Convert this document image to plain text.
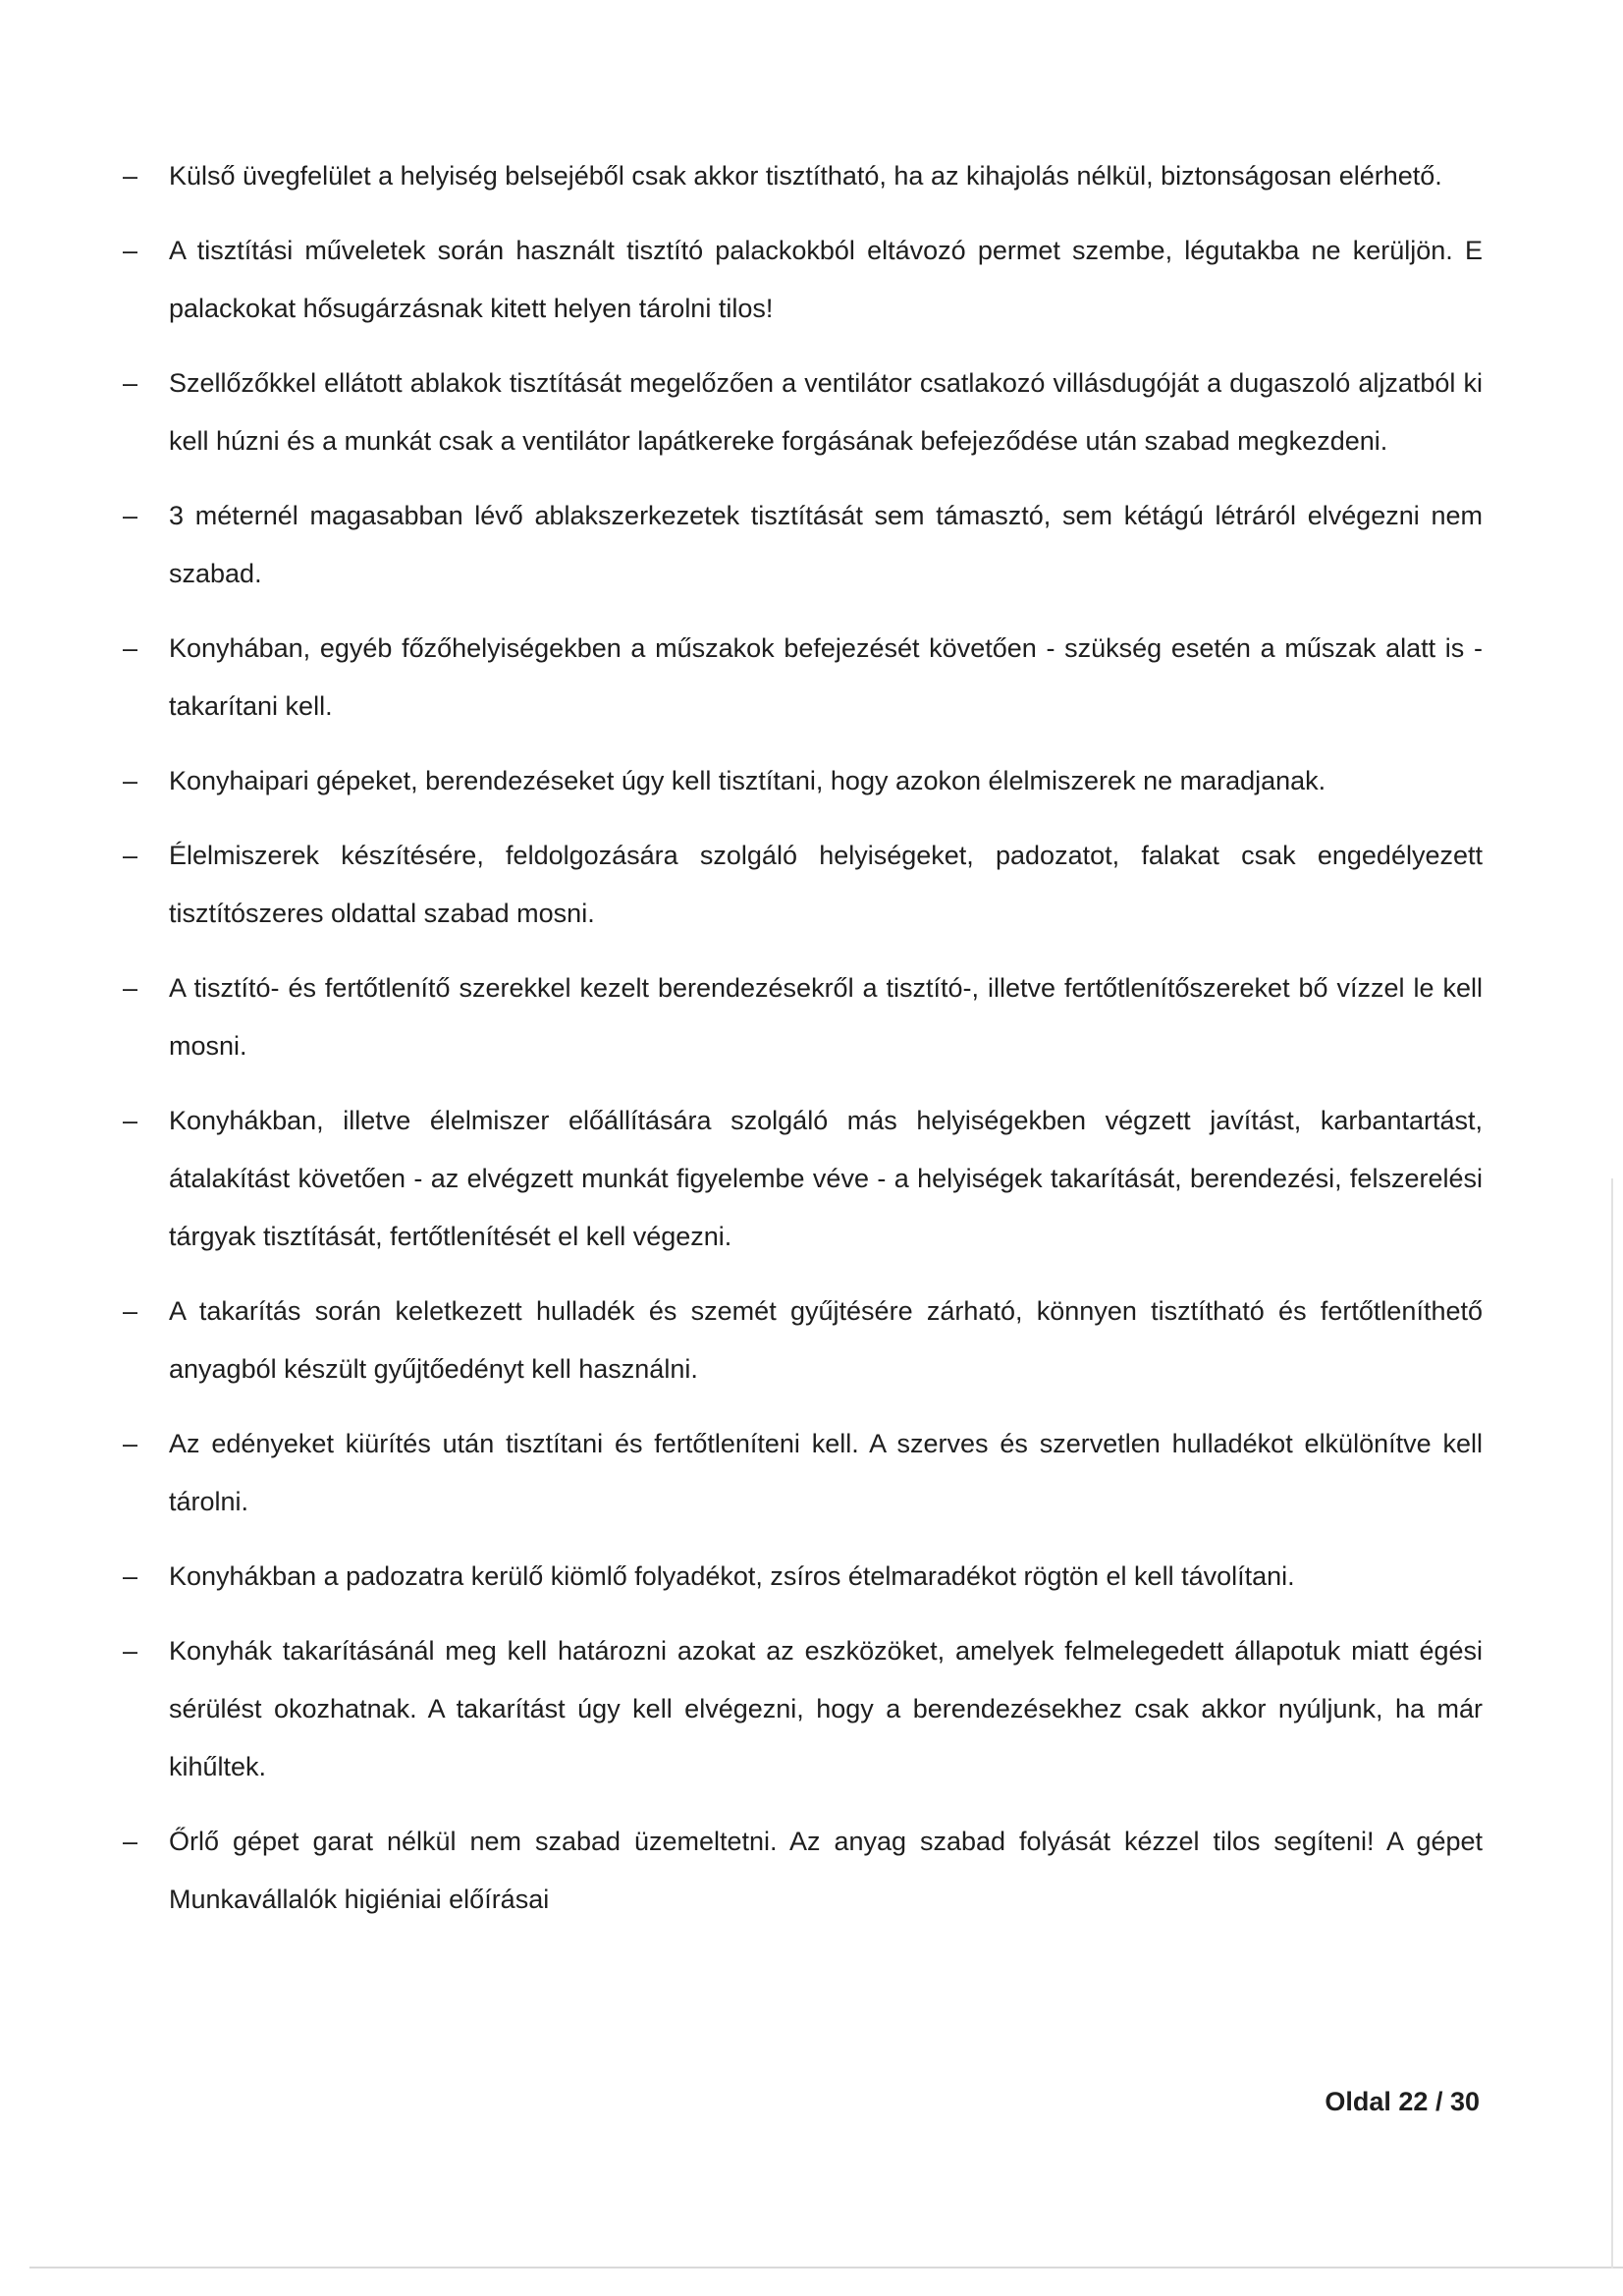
–	Külső üvegfelület a helyiség belsejéből csak akkor tisztítható, ha az kihajolás nélkül, biztonságosan elérhető.
–	A tisztítási műveletek során használt tisztító palackokból eltávozó permet szembe, légutakba ne kerüljön. E palackokat hősugárzásnak kitett helyen tárolni tilos!
–	Szellőzőkkel ellátott ablakok tisztítását megelőzően a ventilátor csatlakozó villásdugóját a dugaszoló aljzatból ki kell húzni és a munkát csak a ventilátor lapátkereke forgásának befejeződése után szabad megkezdeni.
–	3 méternél magasabban lévő ablakszerkezetek tisztítását sem támasztó, sem kétágú létráról elvégezni nem szabad.
–	Konyhában, egyéb főzőhelyiségekben a műszakok befejezését követően - szükség esetén a műszak alatt is - takarítani kell.
–	Konyhaipari gépeket, berendezéseket úgy kell tisztítani, hogy azokon élelmiszerek ne maradjanak.
–	Élelmiszerek készítésére, feldolgozására szolgáló helyiségeket, padozatot, falakat csak engedélyezett tisztítószeres oldattal szabad mosni.
–	A tisztító- és fertőtlenítő szerekkel kezelt berendezésekről a tisztító-, illetve fertőtlenítőszereket bő vízzel le kell mosni.
–	Konyhákban, illetve élelmiszer előállítására szolgáló más helyiségekben végzett javítást, karbantartást, átalakítást követően - az elvégzett munkát figyelembe véve - a helyiségek takarítását, berendezési, felszerelési tárgyak tisztítását, fertőtlenítését el kell végezni.
–	A takarítás során keletkezett hulladék és szemét gyűjtésére zárható, könnyen tisztítható és fertőtleníthető anyagból készült gyűjtőedényt kell használni.
–	Az edényeket kiürítés után tisztítani és fertőtleníteni kell. A szerves és szervetlen hulladékot elkülönítve kell tárolni.
–	Konyhákban a padozatra kerülő kiömlő folyadékot, zsíros ételmaradékot rögtön el kell távolítani.
–	Konyhák takarításánál meg kell határozni azokat az eszközöket, amelyek felmelegedett állapotuk miatt égési sérülést okozhatnak. A takarítást úgy kell elvégezni, hogy a berendezésekhez csak akkor nyúljunk, ha már kihűltek.
–	Őrlő gépet garat nélkül nem szabad üzemeltetni. Az anyag szabad folyását kézzel tilos segíteni! A gépet Munkavállalók higiéniai előírásai
Oldal 22 / 30
